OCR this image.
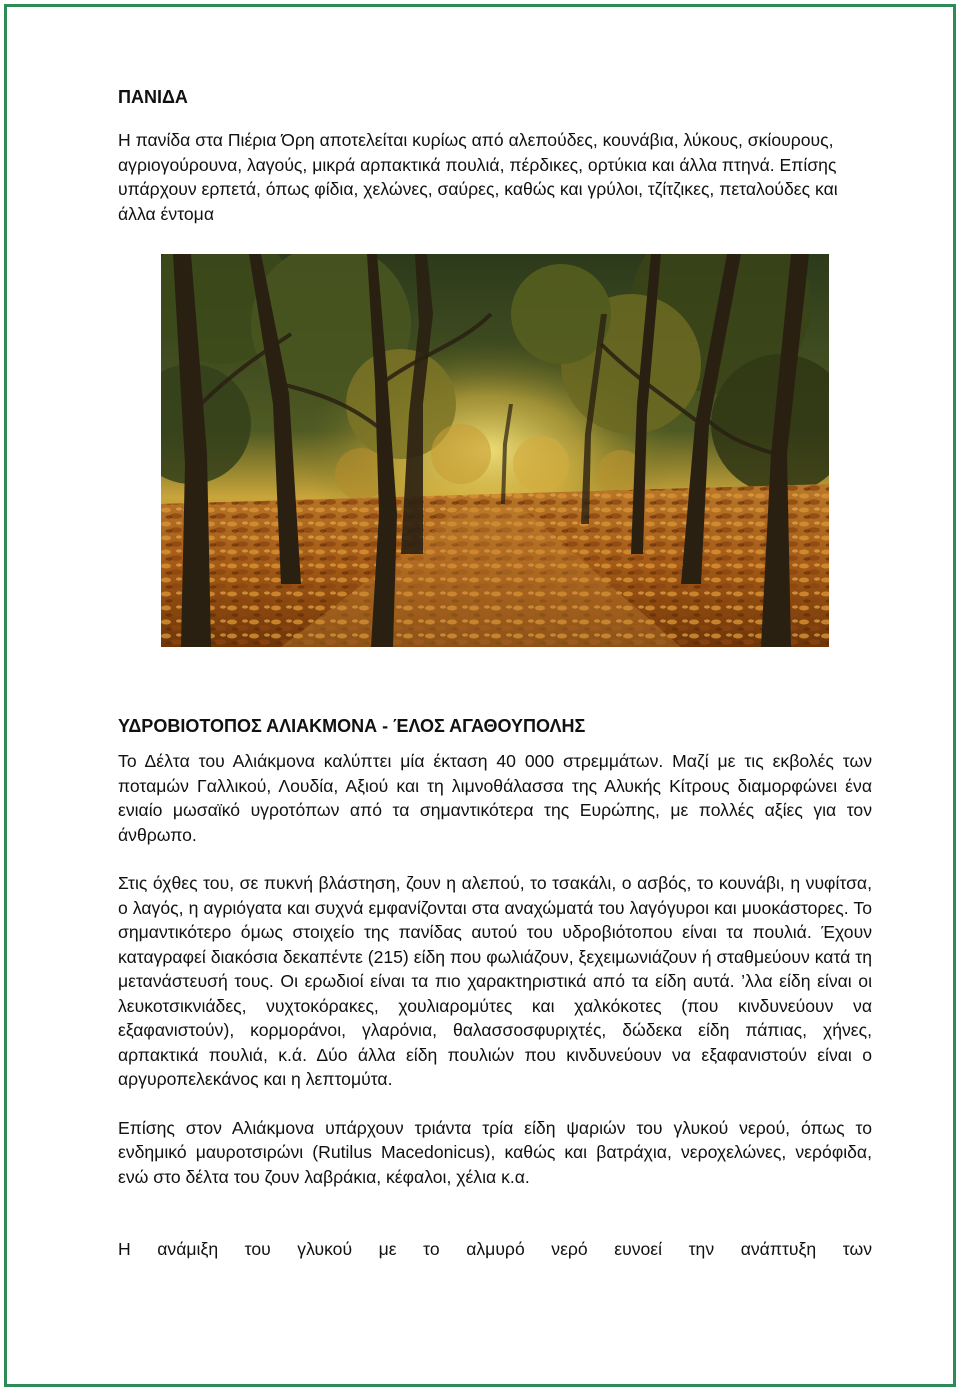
ΠΑΝΙΔΑ

Η πανίδα στα Πιέρια Όρη αποτελείται κυρίως από αλεπούδες, κουνάβια, λύκους, σκίουρους, αγριογούρουνα, λαγούς, μικρά αρπακτικά πουλιά, πέρδικες, ορτύκια και άλλα πτηνά. Επίσης υπάρχουν ερπετά, όπως φίδια, χελώνες, σαύρες, καθώς και γρύλοι, τζίτζικες, πεταλούδες και άλλα έντομα

ΥΔΡΟΒΙΟΤΟΠΟΣ ΑΛΙΑΚΜΟΝΑ - ΈΛΟΣ ΑΓΑΘΟΥΠΟΛΗΣ

Το Δέλτα του Αλιάκμονα καλύπτει μία έκταση 40 000 στρεμμάτων. Μαζί με τις εκβολές των ποταμών Γαλλικού, Λουδία, Αξιού και τη λιμνοθάλασσα της Αλυκής Κίτρους διαμορφώνει ένα ενιαίο μωσαϊκό υγροτόπων από τα σημαντικότερα της Ευρώπης, με πολλές αξίες για τον άνθρωπο.

Στις όχθες του, σε πυκνή βλάστηση, ζουν η αλεπού, το τσακάλι, ο ασβός, το κουνάβι, η νυφίτσα, ο λαγός, η αγριόγατα και συχνά εμφανίζονται στα αναχώματά του λαγόγυροι και μυοκάστορες. Το σημαντικότερο όμως στοιχείο της πανίδας αυτού του υδροβιότοπου είναι τα πουλιά. Έχουν καταγραφεί διακόσια δεκαπέντε (215) είδη που φωλιάζουν, ξεχειμωνιάζουν ή σταθμεύουν κατά τη μετανάστευσή τους. Οι ερωδιοί είναι τα πιο χαρακτηριστικά από τα είδη αυτά. ’λλα είδη είναι οι λευκοτσικνιάδες, νυχτοκόρακες, χουλιαρομύτες και χαλκόκοτες (που κινδυνεύουν να εξαφανιστούν), κορμοράνοι, γλαρόνια, θαλασσοσφυριχτές, δώδεκα είδη πάπιας, χήνες, αρπακτικά πουλιά, κ.ά. Δύο άλλα είδη πουλιών που κινδυνεύουν να εξαφανιστούν είναι ο αργυροπελεκάνος και η λεπτομύτα.

Επίσης στον Αλιάκμονα υπάρχουν τριάντα τρία είδη ψαριών του γλυκού νερού, όπως το ενδημικό μαυροτσιρώνι (Rutilus Macedonicus), καθώς και βατράχια, νεροχελώνες, νερόφιδα, ενώ στο δέλτα του ζουν λαβράκια, κέφαλοι, χέλια κ.α.

Η ανάμιξη του γλυκού με το αλμυρό νερό ευνοεί την ανάπτυξη των
